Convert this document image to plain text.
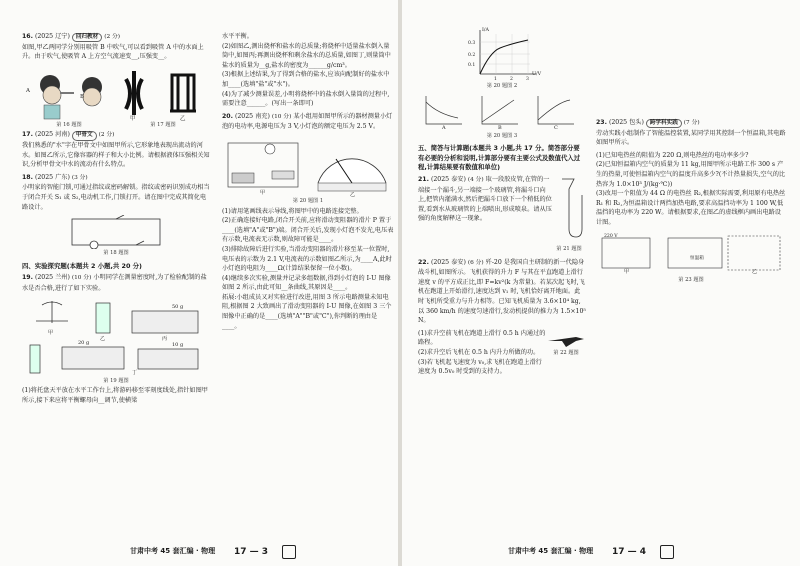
16. (2025 辽宁) 回归教材 (2 分)
如图,甲乙两同学分别用吸管 B 中吹气,可以看到吸管 A 中的水面上升。由于吹气,使吸管 A 上方空气流速变__,压强变__。
A
B
甲	乙
第 16 题图	第 17 题图
17. (2025 河南) 甲骨文 (2 分)
我们熟悉的"水"字在甲骨文中如图甲所示,它形象地表现出流动的河水。如图乙所示,它像容器的样子和大小比例。请根据液体压强相关知识,分析甲骨文中水的流动有什么特点。
18. (2025 广东) (3 分)
小明家的智能门锁,可通过指纹或密码解锁。指纹或密码识别成功相当于闭合开关 S₁ 或 S₂,电动机工作,门锁打开。请在图中完成其简化电路设计。
第 18 题图
四、实验探究题(本题共 2 小题,共 20 分)
19. (2025 兰州) (10 分) 小明同学在测量密度时,为了检验配制的盐水是否合格,进行了如下实验。
甲
乙	丙
丁
50 g
20 g	10 g
第 19 题图
(1)将托盘天平放在水平工作台上,将游码移至零刻度线处,指针如图甲所示,接下来应将平衡螺母向__调节,使横梁
水平平衡。
(2)如图乙,测出烧杯和盐水的总质量;将烧杯中适量盐水倒入量筒中,如图丙;再测出烧杯和剩余盐水的总质量,如图丁,则量筒中盐水的质量为__g,盐水的密度为______g/cm³。
(3)根据上述结果,为了得到合格的盐水,应该向配制好的盐水中加____(选填"盐"或"水")。
(4)为了减少测量误差,小明将烧杯中的盐水倒入量筒的过程中,需要注意______。(写出一条即可)
20. (2025 南充) (10 分) 某小组用如图甲所示的器材测量小灯泡的电功率,电源电压为 3 V,小灯泡的额定电压为 2.5 V。
甲	乙
第 20 题图 1
(1)请用笔画线表示导线,将图甲中的电路连接完整。
(2)正确连接好电路,闭合开关前,应将滑动变阻器的滑片 P 置于____(选填"A"或"B")端。闭合开关后,发现小灯泡不发光,电压表有示数,电流表无示数,则故障可能是____。
(3)排除故障后进行实验,当滑动变阻器的滑片移至某一位置时,电压表的示数为 2.1 V,电流表的示数如图乙所示,为____A,此时小灯泡的电阻为____Ω(计算结果保留一位小数)。
(4)继续多次实验,测量并记录多组数据,得到小灯泡的 I-U 图像如图 2 所示,由此可知__条曲线,其原因是____。
拓展:小组成员又对实验进行改进,用图 3 所示电路测量未知电阻,根据图 2 大致画出了滑动变阻器的 I-U 图像,在如图 3 三个图像中正确的是____(选填"A""B"或"C"),你判断的理由是____。
甘肃中考 45 套汇编 · 物理 17 — 3
I/A
U/V
0.3
0.2
0.1
1	2	3
第 20 题图 2
A	B	C
第 20 题图 3
五、简答与计算题(本题共 3 小题,共 17 分。简答部分要有必要的分析和说明,计算部分要有主要公式及数值代入过程,计算结果要有数值和单位)
21. (2025 泰安) (4 分) 取一段胶皮管,在管的一端接一个漏斗,另一端接一个玻璃管,将漏斗口向上,把管内灌满水,然后把漏斗口放下一个稍低的位置,看到水从玻璃管的上端喷出,形成喷泉。请从压强的角度解释这一现象。
第 21 题图
22. (2025 泰安) (6 分) 歼-20 是我国自主研制的新一代隐身战斗机,如图所示。飞机获得的升力 F 与其在平直跑道上滑行速度 v 的平方成正比,即 F=kv²(k 为常量)。若某次起飞时,飞机在跑道上开始滑行,速度达到 v₁ 时,飞机恰好离开地面。此时飞机所受重力与升力相等。已知飞机质量为 3.6×10⁴ kg,以 360 km/h 的速度匀速滑行,发动机提供的推力为 1.5×10⁵ N。
(1)求升空前飞机在跑道上滑行 0.5 h 内通过的路程。
(2)求升空后飞机在 0.5 h 内升力所做的功。
(3)若飞机起飞速度为 v₀,求飞机在跑道上滑行速度为 0.5v₀ 时受到的支持力。
第 22 题图
23. (2025 包头) 跨学科实践 (7 分)
劳动实践小组制作了智能温控装置,某同学用其控制一个恒温箱,其电路如图甲所示。
(1)已知电热丝的阻值为 220 Ω,则电热丝的电功率多少?
(2)已知恒温箱内空气的质量为 11 kg,用图甲所示电路工作 300 s 产生的热量,可使恒温箱内空气的温度升高多少?(不计热量损失,空气的比热容为 1.0×10³ J/(kg·℃))
(3)改用一个阻值为 44 Ω 的电热丝 R₂,根据实际需要,利用原有电热丝 R₁ 和 R₂,为恒温箱设计两挡加热电路,要求高温挡功率为 1 100 W,低温挡的电功率为 220 W。请根据要求,在图乙的虚线框内画出电路设计图。
220 V
恒温箱
甲	乙
第 23 题图
甘肃中考 45 套汇编 · 物理 17 — 4
